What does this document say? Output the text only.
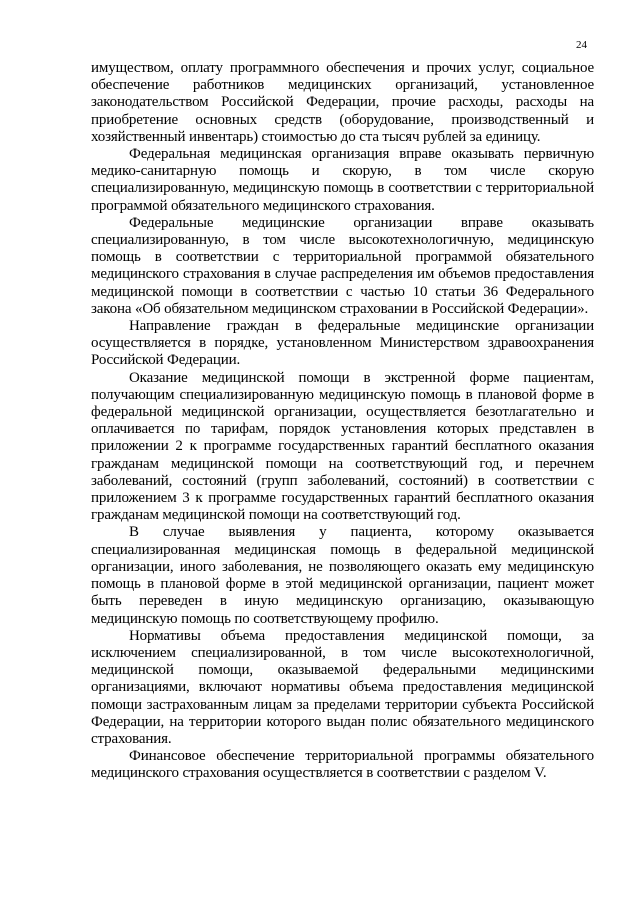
24

имуществом, оплату программного обеспечения и прочих услуг, социальное обеспечение работников медицинских организаций, установленное законодательством Российской Федерации, прочие расходы, расходы на приобретение основных средств (оборудование, производственный и хозяйственный инвентарь) стоимостью до ста тысяч рублей за единицу.

Федеральная медицинская организация вправе оказывать первичную медико-санитарную помощь и скорую, в том числе скорую специализированную, медицинскую помощь в соответствии с территориальной программой обязательного медицинского страхования.

Федеральные медицинские организации вправе оказывать специализированную, в том числе высокотехнологичную, медицинскую помощь в соответствии с территориальной программой обязательного медицинского страхования в случае распределения им объемов предоставления медицинской помощи в соответствии с частью 10 статьи 36 Федерального закона «Об обязательном медицинском страховании в Российской Федерации».

Направление граждан в федеральные медицинские организации осуществляется в порядке, установленном Министерством здравоохранения Российской Федерации.

Оказание медицинской помощи в экстренной форме пациентам, получающим специализированную медицинскую помощь в плановой форме в федеральной медицинской организации, осуществляется безотлагательно и оплачивается по тарифам, порядок установления которых представлен в приложении 2 к программе государственных гарантий бесплатного оказания гражданам медицинской помощи на соответствующий год, и перечнем заболеваний, состояний (групп заболеваний, состояний) в соответствии с приложением 3 к программе государственных гарантий бесплатного оказания гражданам медицинской помощи на соответствующий год.

В случае выявления у пациента, которому оказывается специализированная медицинская помощь в федеральной медицинской организации, иного заболевания, не позволяющего оказать ему медицинскую помощь в плановой форме в этой медицинской организации, пациент может быть переведен в иную медицинскую организацию, оказывающую медицинскую помощь по соответствующему профилю.

Нормативы объема предоставления медицинской помощи, за исключением специализированной, в том числе высокотехнологичной, медицинской помощи, оказываемой федеральными медицинскими организациями, включают нормативы объема предоставления медицинской помощи застрахованным лицам за пределами территории субъекта Российской Федерации, на территории которого выдан полис обязательного медицинского страхования.

Финансовое обеспечение территориальной программы обязательного медицинского страхования осуществляется в соответствии с разделом V.
